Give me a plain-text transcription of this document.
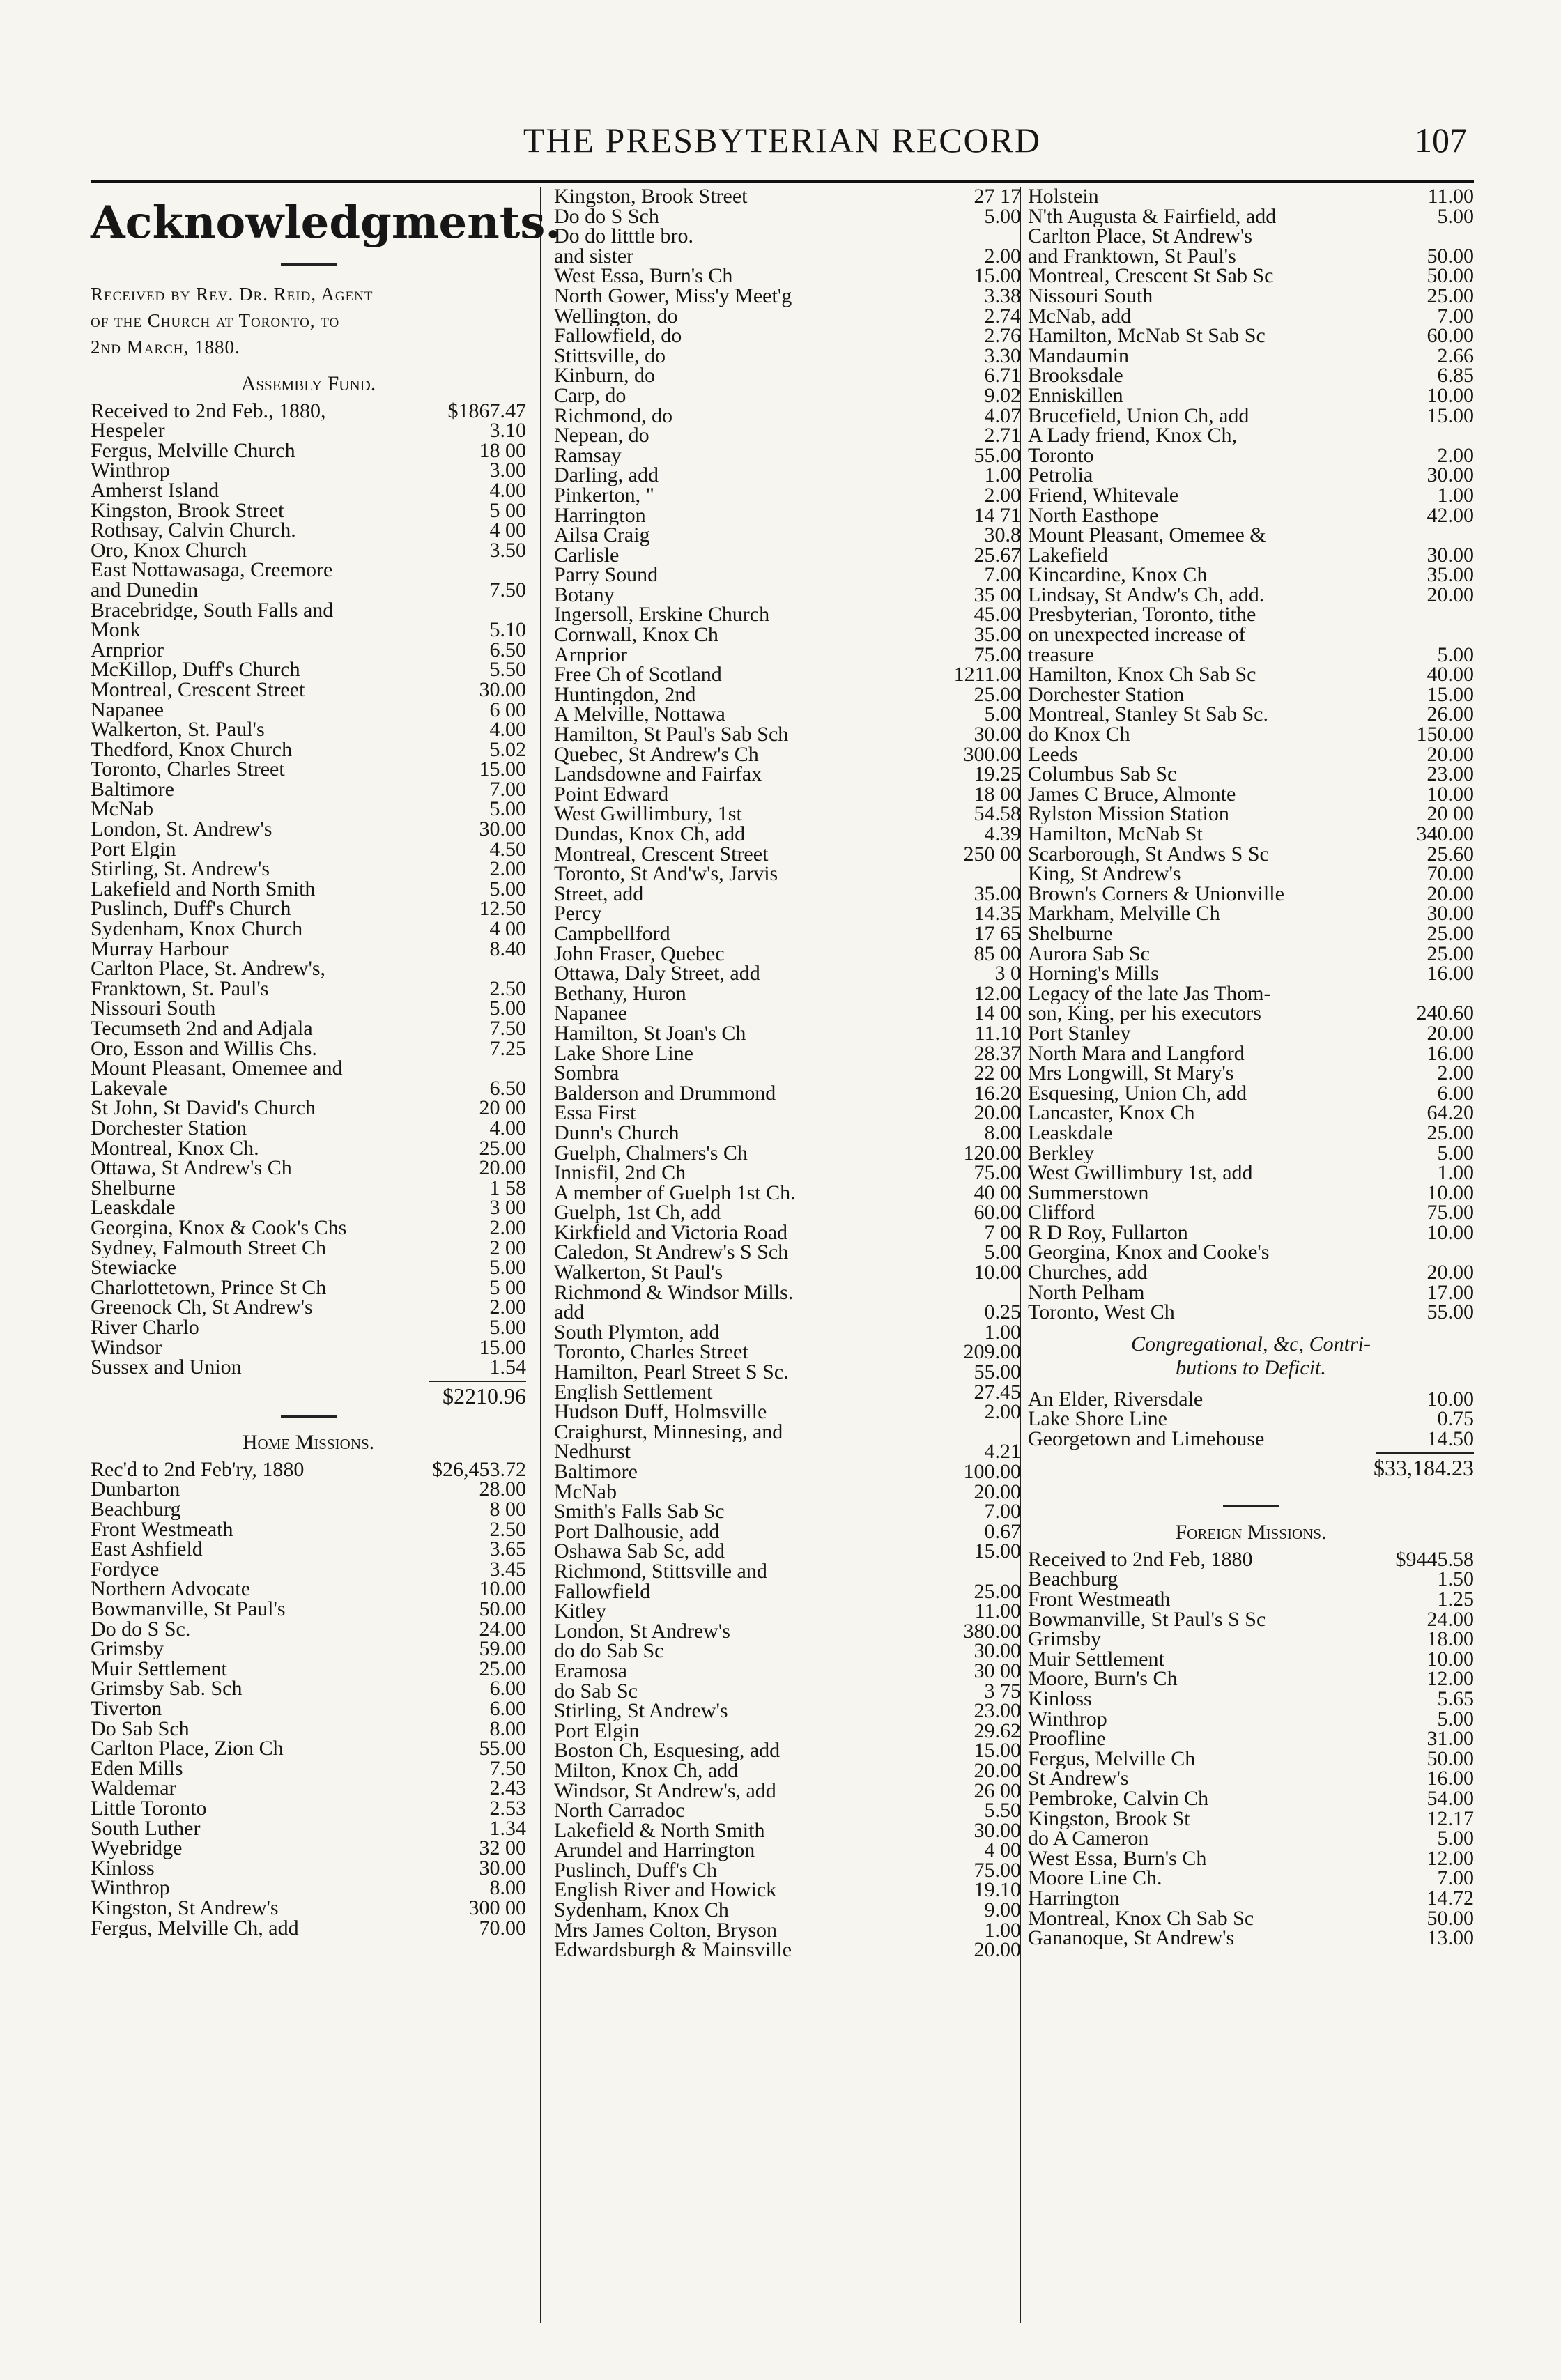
THE PRESBYTERIAN RECORD	107
Acknowledgments.
Received by Rev. Dr. Reid, Agent
of the Church at Toronto, to
2nd March, 1880.
Assembly Fund.
Received to 2nd Feb., 1880,	$1867.47
Hespeler	3.10
Fergus, Melville Church	18 00
Winthrop	3.00
Amherst Island	4.00
Kingston, Brook Street	5 00
Rothsay, Calvin Church.	4 00
Oro, Knox Church	3.50
East Nottawasaga, Creemore
and Dunedin	7.50
Bracebridge, South Falls and
Monk	5.10
Arnprior	6.50
McKillop, Duff's Church	5.50
Montreal, Crescent Street	30.00
Napanee	6 00
Walkerton, St. Paul's	4.00
Thedford, Knox Church	5.02
Toronto, Charles Street	15.00
Baltimore	7.00
McNab	5.00
London, St. Andrew's	30.00
Port Elgin	4.50
Stirling, St. Andrew's	2.00
Lakefield and North Smith	5.00
Puslinch, Duff's Church	12.50
Sydenham, Knox Church	4 00
Murray Harbour	8.40
Carlton Place, St. Andrew's,
Franktown, St. Paul's	2.50
Nissouri South	5.00
Tecumseth 2nd and Adjala	7.50
Oro, Esson and Willis Chs.	7.25
Mount Pleasant, Omemee and
Lakevale	6.50
St John, St David's Church	20 00
Dorchester Station	4.00
Montreal, Knox Ch.	25.00
Ottawa, St Andrew's Ch	20.00
Shelburne	1 58
Leaskdale	3 00
Georgina, Knox & Cook's Chs	2.00
Sydney, Falmouth Street Ch	2 00
Stewiacke	5.00
Charlottetown, Prince St Ch	5 00
Greenock Ch, St Andrew's	2.00
River Charlo	5.00
Windsor	15.00
Sussex and Union	1.54
$2210.96
Home Missions.
Rec'd to 2nd Feb'ry, 1880	$26,453.72
Dunbarton	28.00
Beachburg	8 00
Front Westmeath	2.50
East Ashfield	3.65
Fordyce	3.45
Northern Advocate	10.00
Bowmanville, St Paul's	50.00
Do do S Sc.	24.00
Grimsby	59.00
Muir Settlement	25.00
Grimsby Sab. Sch	6.00
Tiverton	6.00
Do Sab Sch	8.00
Carlton Place, Zion Ch	55.00
Eden Mills	7.50
Waldemar	2.43
Little Toronto	2.53
South Luther	1.34
Wyebridge	32 00
Kinloss	30.00
Winthrop	8.00
Kingston, St Andrew's	300 00
Fergus, Melville Ch, add	70.00
Kingston, Brook Street	27 17
Do do S Sch	5.00
Do do litttle bro.
and sister	2.00
West Essa, Burn's Ch	15.00
North Gower, Miss'y Meet'g	3.38
Wellington, do	2.74
Fallowfield, do	2.76
Stittsville, do	3.30
Kinburn, do	6.71
Carp, do	9.02
Richmond, do	4.07
Nepean, do	2.71
Ramsay	55.00
Darling, add	1.00
Pinkerton, "	2.00
Harrington	14 71
Ailsa Craig	30.8
Carlisle	25.67
Parry Sound	7.00
Botany	35 00
Ingersoll, Erskine Church	45.00
Cornwall, Knox Ch	35.00
Arnprior	75.00
Free Ch of Scotland	1211.00
Huntingdon, 2nd	25.00
A Melville, Nottawa	5.00
Hamilton, St Paul's Sab Sch	30.00
Quebec, St Andrew's Ch	300.00
Landsdowne and Fairfax	19.25
Point Edward	18 00
West Gwillimbury, 1st	54.58
Dundas, Knox Ch, add	4.39
Montreal, Crescent Street	250 00
Toronto, St And'w's, Jarvis
Street, add	35.00
Percy	14.35
Campbellford	17 65
John Fraser, Quebec	85 00
Ottawa, Daly Street, add	3 0
Bethany, Huron	12.00
Napanee	14 00
Hamilton, St Joan's Ch	11.10
Lake Shore Line	28.37
Sombra	22 00
Balderson and Drummond	16.20
Essa First	20.00
Dunn's Church	8.00
Guelph, Chalmers's Ch	120.00
Innisfil, 2nd Ch	75.00
A member of Guelph 1st Ch.	40 00
Guelph, 1st Ch, add	60.00
Kirkfield and Victoria Road	7 00
Caledon, St Andrew's S Sch	5.00
Walkerton, St Paul's	10.00
Richmond & Windsor Mills.
add	0.25
South Plymton, add	1.00
Toronto, Charles Street	209.00
Hamilton, Pearl Street S Sc.	55.00
English Settlement	27.45
Hudson Duff, Holmsville	2.00
Craighurst, Minnesing, and
Nedhurst	4.21
Baltimore	100.00
McNab	20.00
Smith's Falls Sab Sc	7.00
Port Dalhousie, add	0.67
Oshawa Sab Sc, add	15.00
Richmond, Stittsville and
Fallowfield	25.00
Kitley	11.00
London, St Andrew's	380.00
do do Sab Sc	30.00
Eramosa	30 00
do Sab Sc	3 75
Stirling, St Andrew's	23.00
Port Elgin	29.62
Boston Ch, Esquesing, add	15.00
Milton, Knox Ch, add	20.00
Windsor, St Andrew's, add	26 00
North Carradoc	5.50
Lakefield & North Smith	30.00
Arundel and Harrington	4 00
Puslinch, Duff's Ch	75.00
English River and Howick	19.10
Sydenham, Knox Ch	9.00
Mrs James Colton, Bryson	1.00
Edwardsburgh & Mainsville	20.00
Holstein	11.00
N'th Augusta & Fairfield, add	5.00
Carlton Place, St Andrew's
and Franktown, St Paul's	50.00
Montreal, Crescent St Sab Sc	50.00
Nissouri South	25.00
McNab, add	7.00
Hamilton, McNab St Sab Sc	60.00
Mandaumin	2.66
Brooksdale	6.85
Enniskillen	10.00
Brucefield, Union Ch, add	15.00
A Lady friend, Knox Ch,
Toronto	2.00
Petrolia	30.00
Friend, Whitevale	1.00
North Easthope	42.00
Mount Pleasant, Omemee &
Lakefield	30.00
Kincardine, Knox Ch	35.00
Lindsay, St Andw's Ch, add.	20.00
Presbyterian, Toronto, tithe
on unexpected increase of
treasure	5.00
Hamilton, Knox Ch Sab Sc	40.00
Dorchester Station	15.00
Montreal, Stanley St Sab Sc.	26.00
do Knox Ch	150.00
Leeds	20.00
Columbus Sab Sc	23.00
James C Bruce, Almonte	10.00
Rylston Mission Station	20 00
Hamilton, McNab St	340.00
Scarborough, St Andws S Sc	25.60
King, St Andrew's	70.00
Brown's Corners & Unionville	20.00
Markham, Melville Ch	30.00
Shelburne	25.00
Aurora Sab Sc	25.00
Horning's Mills	16.00
Legacy of the late Jas Thom-
son, King, per his executors	240.60
Port Stanley	20.00
North Mara and Langford	16.00
Mrs Longwill, St Mary's	2.00
Esquesing, Union Ch, add	6.00
Lancaster, Knox Ch	64.20
Leaskdale	25.00
Berkley	5.00
West Gwillimbury 1st, add	1.00
Summerstown	10.00
Clifford	75.00
R D Roy, Fullarton	10.00
Georgina, Knox and Cooke's
Churches, add	20.00
North Pelham	17.00
Toronto, West Ch	55.00
Congregational, &c, Contri-
butions to Deficit.
An Elder, Riversdale	10.00
Lake Shore Line	0.75
Georgetown and Limehouse	14.50
$33,184.23
Foreign Missions.
Received to 2nd Feb, 1880	$9445.58
Beachburg	1.50
Front Westmeath	1.25
Bowmanville, St Paul's S Sc	24.00
Grimsby	18.00
Muir Settlement	10.00
Moore, Burn's Ch	12.00
Kinloss	5.65
Winthrop	5.00
Proofline	31.00
Fergus, Melville Ch	50.00
St Andrew's	16.00
Pembroke, Calvin Ch	54.00
Kingston, Brook St	12.17
do A Cameron	5.00
West Essa, Burn's Ch	12.00
Moore Line Ch.	7.00
Harrington	14.72
Montreal, Knox Ch Sab Sc	50.00
Gananoque, St Andrew's	13.00
